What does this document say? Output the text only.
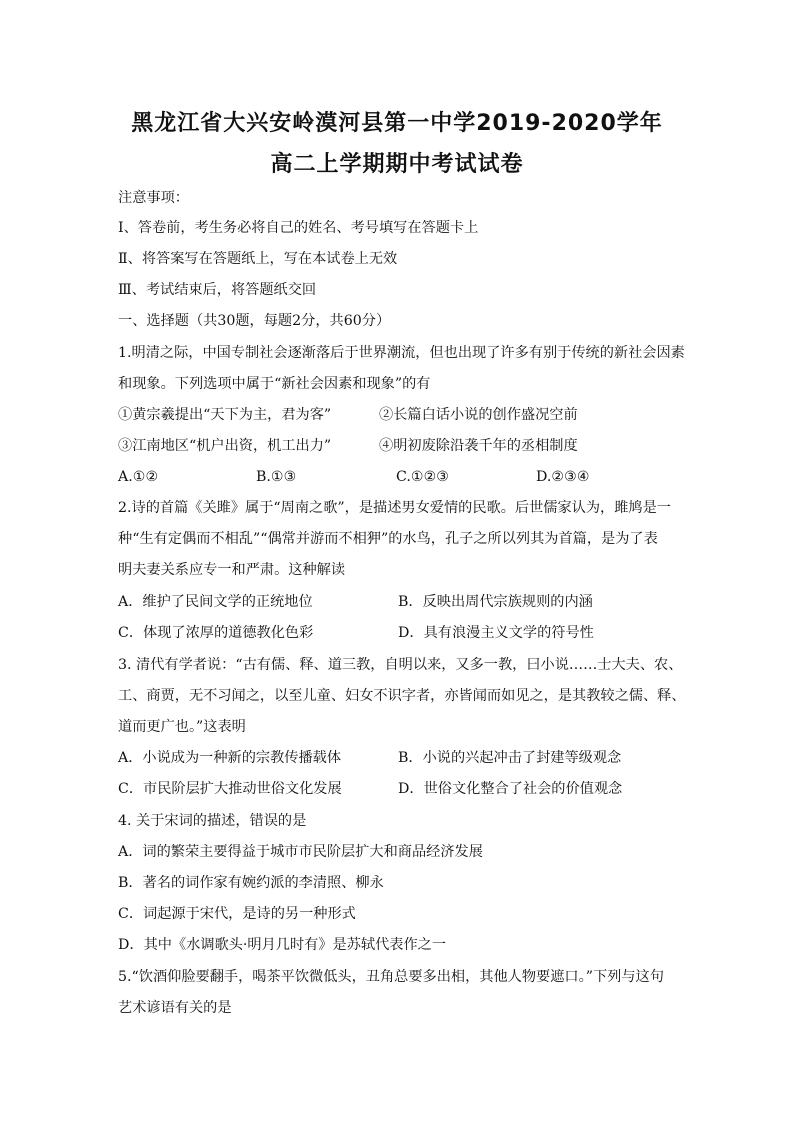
黑龙江省大兴安岭漠河县第一中学2019-2020学年
高二上学期期中考试试卷
注意事项：
Ⅰ、答卷前，考生务必将自己的姓名、考号填写在答题卡上
Ⅱ、将答案写在答题纸上，写在本试卷上无效
Ⅲ、考试结束后，将答题纸交回
一、选择题（共30题，每题2分，共60分）
1.明清之际，中国专制社会逐渐落后于世界潮流，但也出现了许多有别于传统的新社会因素
和现象。下列选项中属于“新社会因素和现象”的有
①黄宗羲提出“天下为主，君为客”	②长篇白话小说的创作盛况空前
③江南地区“机户出资，机工出力”	④明初废除沿袭千年的丞相制度
A.①②	B.①③	C.①②③	D.②③④
2.诗的首篇《关雎》属于“周南之歌”，是描述男女爱情的民歌。后世儒家认为，雎鸠是一
种“生有定偶而不相乱”“偶常并游而不相狎”的水鸟，孔子之所以列其为首篇，是为了表
明夫妻关系应专一和严肃。这种解读
A．维护了民间文学的正统地位	B．反映出周代宗族规则的内涵
C．体现了浓厚的道德教化色彩	D．具有浪漫主义文学的符号性
3. 清代有学者说：“古有儒、释、道三教，自明以来，又多一教，曰小说……士大夫、农、
工、商贾，无不习闻之，以至儿童、妇女不识字者，亦皆闻而如见之，是其教较之儒、释、
道而更广也。”这表明
A．小说成为一种新的宗教传播载体	B．小说的兴起冲击了封建等级观念
C．市民阶层扩大推动世俗文化发展	D．世俗文化整合了社会的价值观念
4. 关于宋词的描述，错误的是
A．词的繁荣主要得益于城市市民阶层扩大和商品经济发展
B．著名的词作家有婉约派的李清照、柳永
C．词起源于宋代，是诗的另一种形式
D．其中《水调歌头·明月几时有》是苏轼代表作之一
5.“饮酒仰脸要翻手，喝茶平饮微低头，丑角总要多出相，其他人物要遮口。”下列与这句
艺术谚语有关的是
